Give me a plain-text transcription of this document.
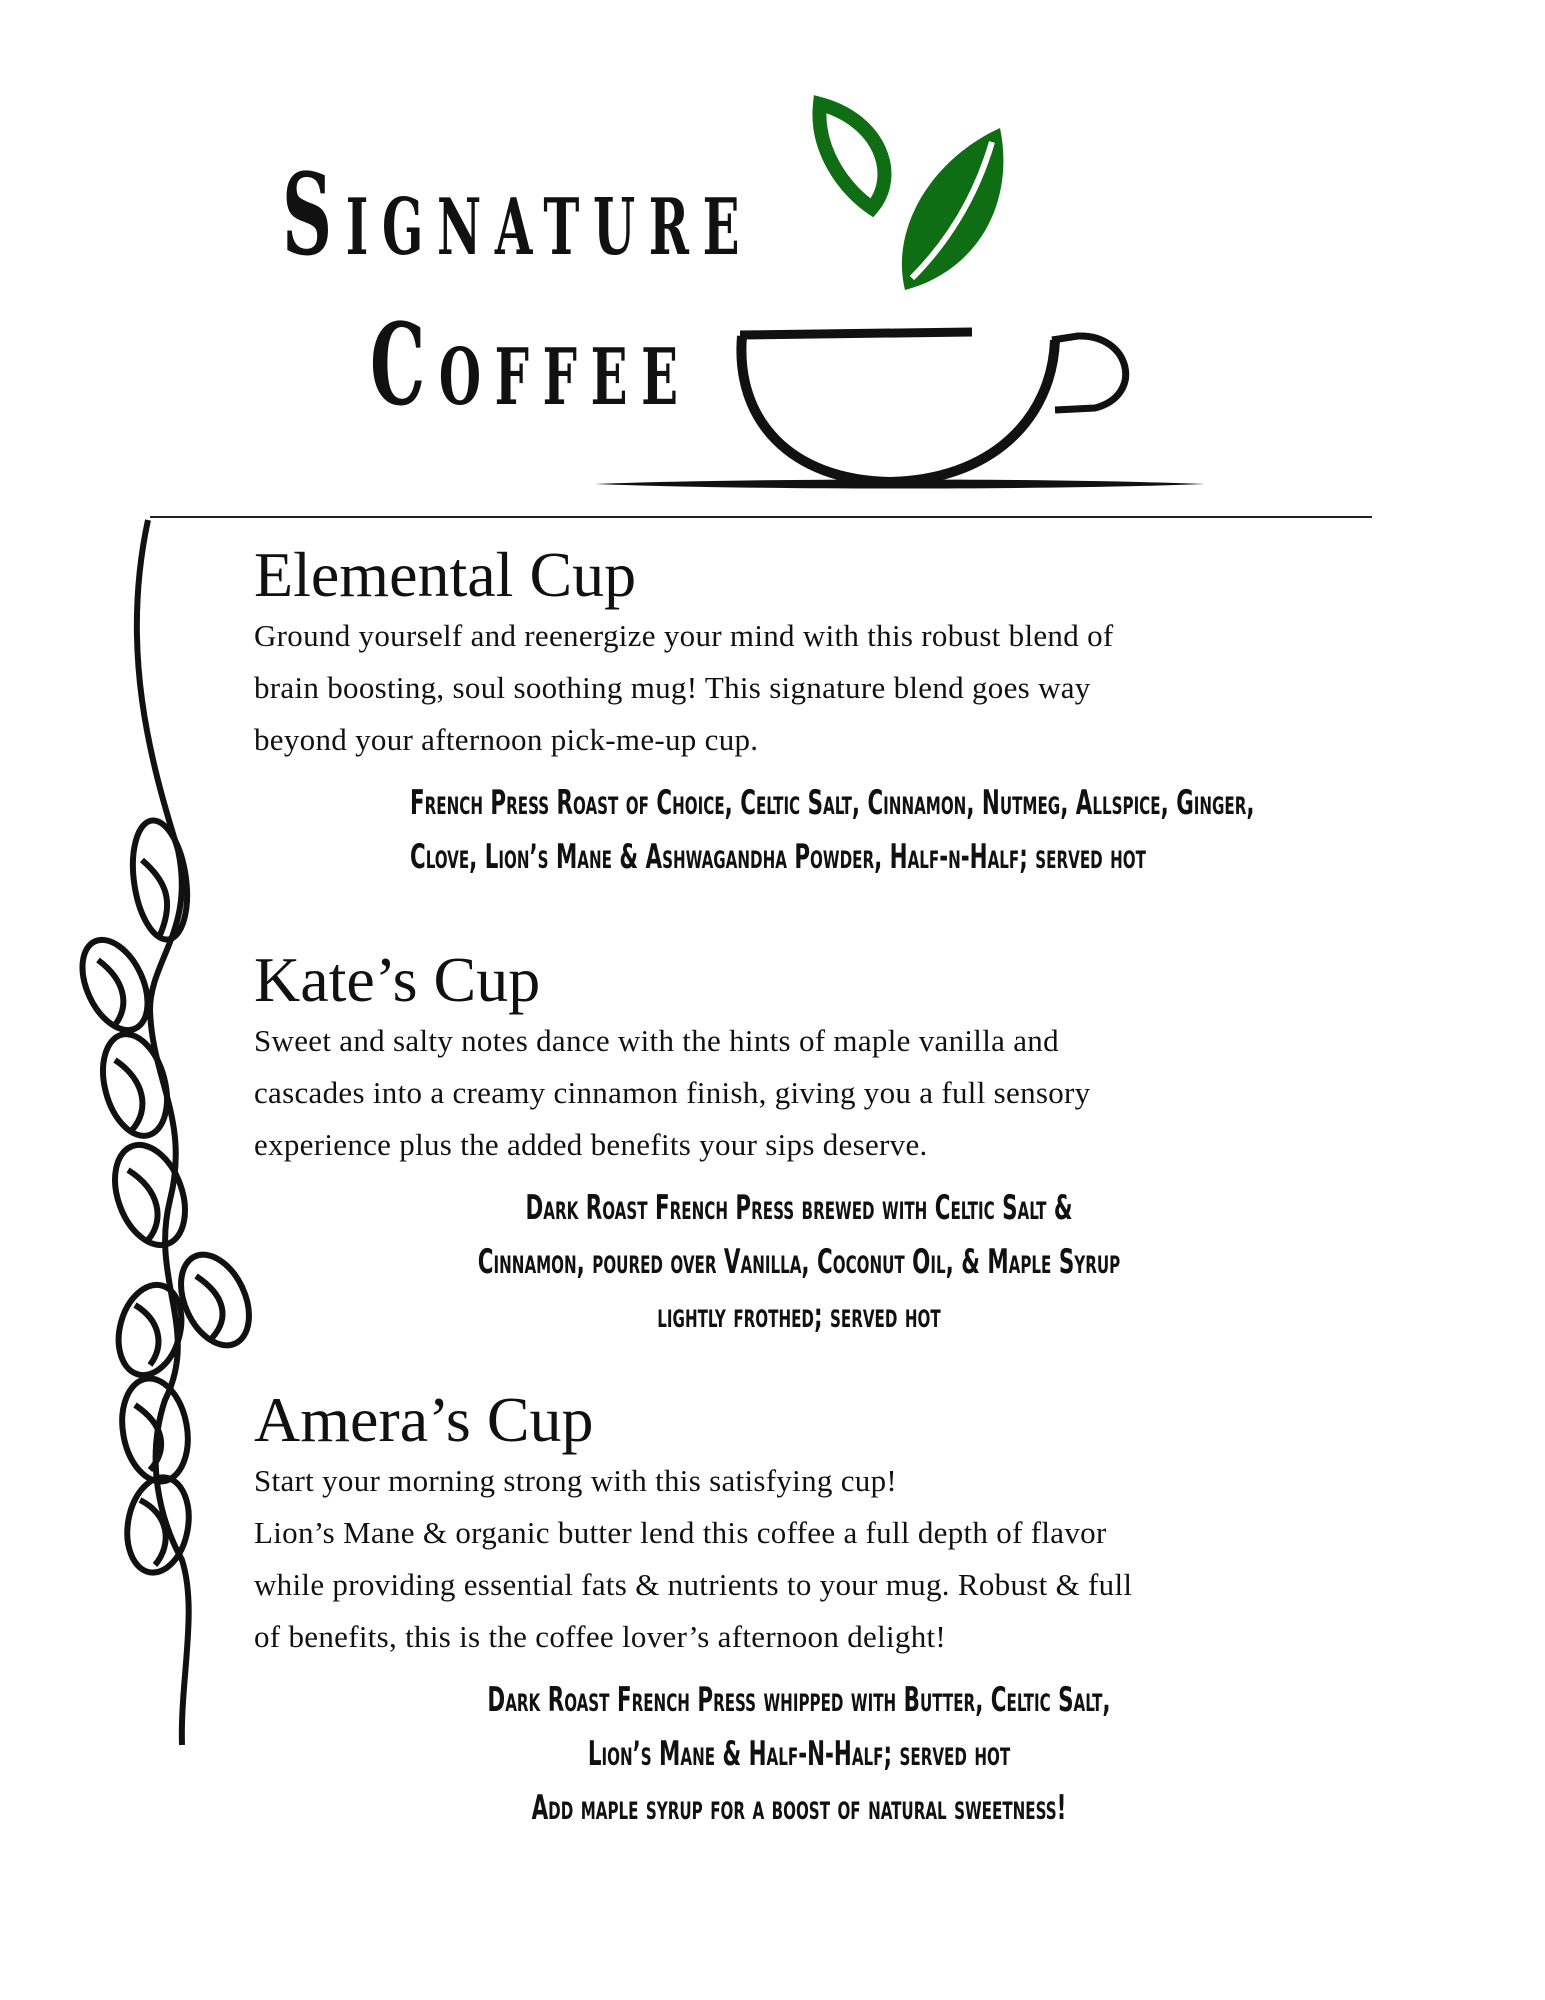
Signature
Coffee
Elemental Cup

Ground yourself and reenergize your mind with this robust blend of
brain boosting, soul soothing mug! This signature blend goes way
beyond your afternoon pick-me-up cup.

French Press Roast of Choice, Celtic Salt, Cinnamon, Nutmeg, Allspice, Ginger,
Clove, Lion’s Mane & Ashwagandha Powder, Half-n-Half; served hot
Kate’s Cup

Sweet and salty notes dance with the hints of maple vanilla and
cascades into a creamy cinnamon finish, giving you a full sensory
experience plus the added benefits your sips deserve.

Dark Roast French Press brewed with Celtic Salt &
Cinnamon, poured over Vanilla, Coconut Oil, & Maple Syrup
lightly frothed; served hot
Amera’s Cup

Start your morning strong with this satisfying cup!
Lion’s Mane & organic butter lend this coffee a full depth of flavor
while providing essential fats & nutrients to your mug. Robust & full
of benefits, this is the coffee lover’s afternoon delight!

Dark Roast French Press whipped with Butter, Celtic Salt,
Lion’s Mane & Half-N-Half; served hot
Add maple syrup for a boost of natural sweetness!
